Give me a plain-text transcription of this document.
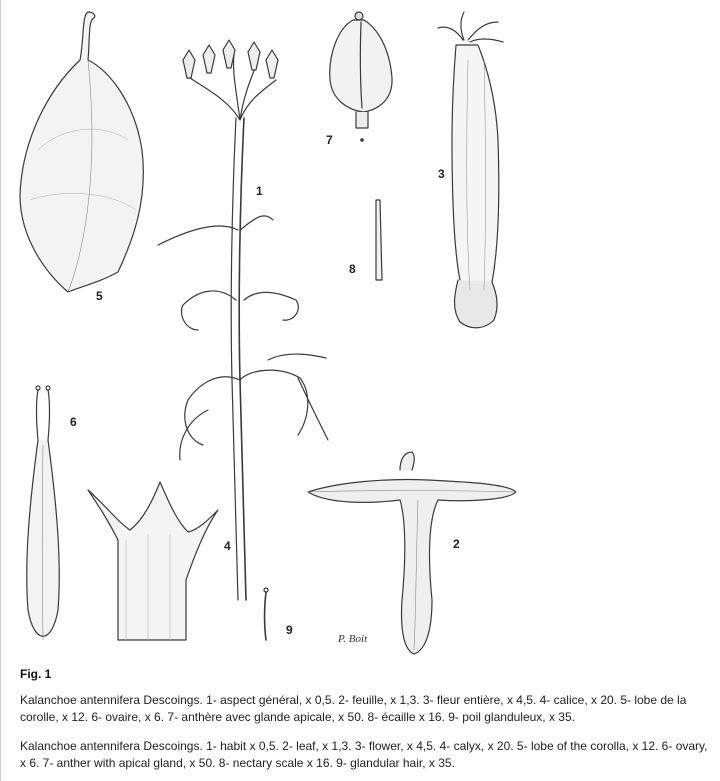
1
2
3
4
5
6
7
8
9
P. Boit
Fig. 1
Kalanchoe antennifera Descoings. 1- aspect général, x 0,5. 2- feuille, x 1,3. 3- fleur entière, x 4,5. 4- calice, x 20. 5- lobe de la corolle, x 12. 6- ovaire, x 6. 7- anthère avec glande apicale, x 50. 8- écaille x 16. 9- poil glanduleux, x 35.
Kalanchoe antennifera Descoings. 1- habit x 0,5. 2- leaf, x 1,3. 3- flower, x 4,5. 4- calyx, x 20. 5- lobe of the corolla, x 12. 6- ovary, x 6. 7- anther with apical gland, x 50. 8- nectary scale x 16. 9- glandular hair, x 35.
